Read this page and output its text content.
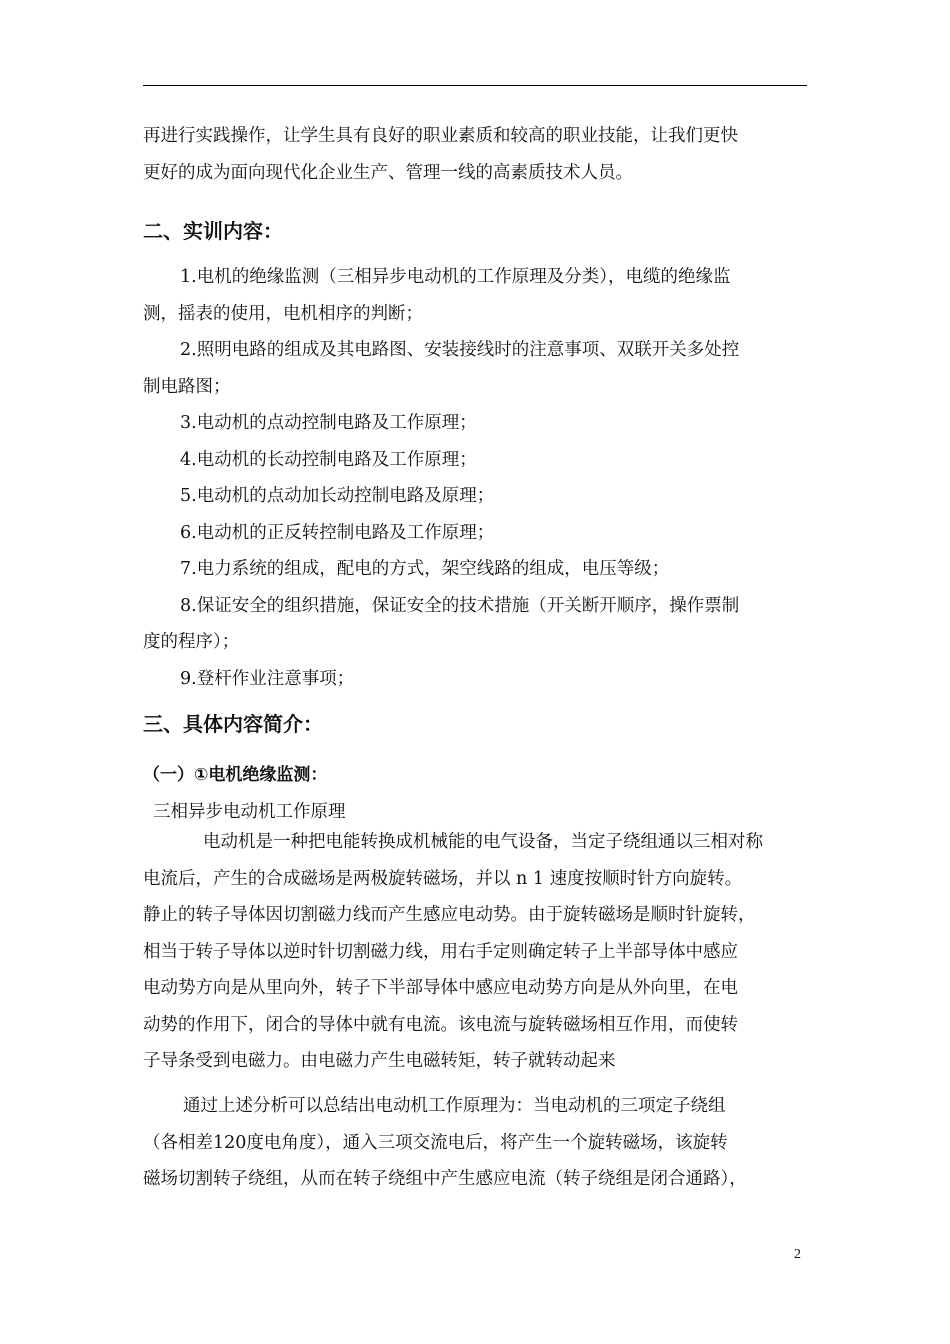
再进行实践操作，让学生具有良好的职业素质和较高的职业技能，让我们更快
更好的成为面向现代化企业生产、管理一线的高素质技术人员。
二、实训内容：
1.电机的绝缘监测（三相异步电动机的工作原理及分类），电缆的绝缘监
测，摇表的使用，电机相序的判断；
2.照明电路的组成及其电路图、安装接线时的注意事项、双联开关多处控
制电路图；
3.电动机的点动控制电路及工作原理；
4.电动机的长动控制电路及工作原理；
5.电动机的点动加长动控制电路及原理；
6.电动机的正反转控制电路及工作原理；
7.电力系统的组成，配电的方式，架空线路的组成，电压等级；
8.保证安全的组织措施，保证安全的技术措施（开关断开顺序，操作票制
度的程序）；
9.登杆作业注意事项；
三、具体内容简介：
（一）①电机绝缘监测：
三相异步电动机工作原理
电动机是一种把电能转换成机械能的电气设备，当定子绕组通以三相对称
电流后，产生的合成磁场是两极旋转磁场，并以 n 1 速度按顺时针方向旋转。
静止的转子导体因切割磁力线而产生感应电动势。由于旋转磁场是顺时针旋转，
相当于转子导体以逆时针切割磁力线，用右手定则确定转子上半部导体中感应
电动势方向是从里向外，转子下半部导体中感应电动势方向是从外向里，在电
动势的作用下，闭合的导体中就有电流。该电流与旋转磁场相互作用，而使转
子导条受到电磁力。由电磁力产生电磁转矩，转子就转动起来
通过上述分析可以总结出电动机工作原理为：当电动机的三项定子绕组
（各相差120度电角度），通入三项交流电后，将产生一个旋转磁场，该旋转
磁场切割转子绕组，从而在转子绕组中产生感应电流（转子绕组是闭合通路），
2
